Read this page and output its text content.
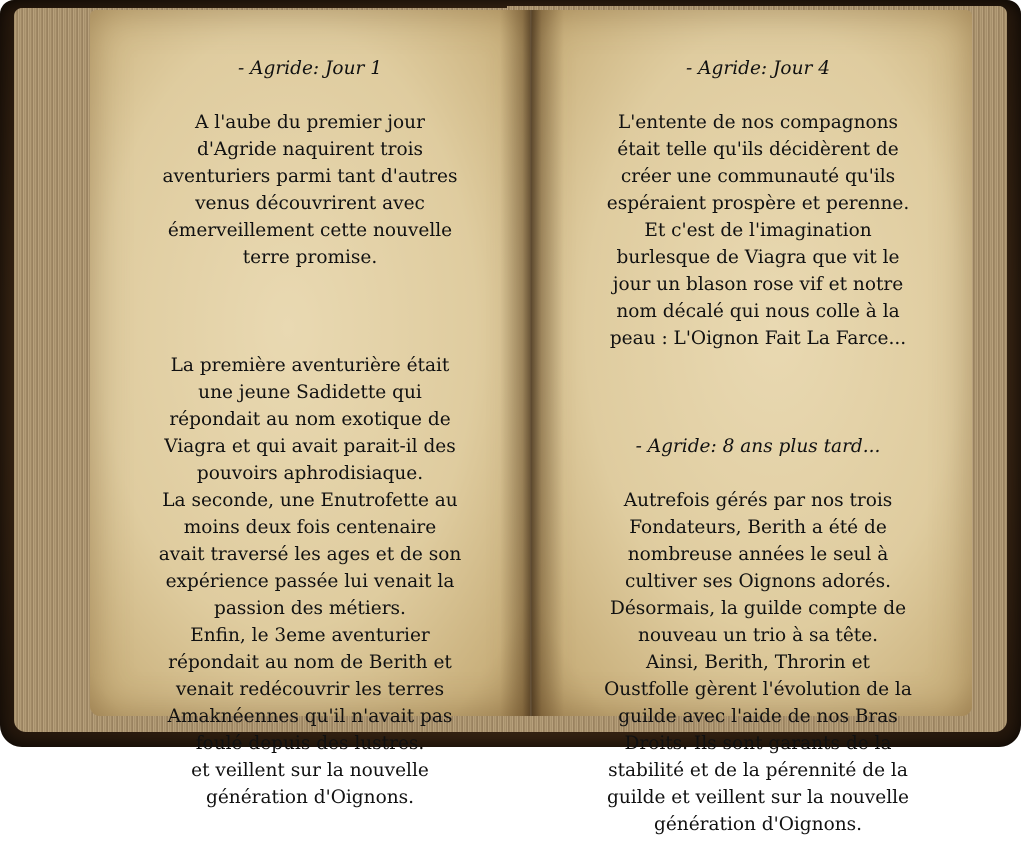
- Agride: Jour 1

A l'aube du premier jour
d'Agride naquirent trois
aventuriers parmi tant d'autres
venus découvrirent avec
émerveillement cette nouvelle
terre promise.

La première aventurière était
une jeune Sadidette qui
répondait au nom exotique de
Viagra et qui avait parait-il des
pouvoirs aphrodisiaque.
La seconde, une Enutrofette au
moins deux fois centenaire
avait traversé les ages et de son
expérience passée lui venait la
passion des métiers.
Enfin, le 3eme aventurier
répondait au nom de Berith et
venait redécouvrir les terres
Amaknéennes qu'il n'avait pas
foulé depuis des lustres.
et veillent sur la nouvelle
génération d'Oignons.

- Agride: Jour 4

L'entente de nos compagnons
était telle qu'ils décidèrent de
créer une communauté qu'ils
espéraient prospère et perenne.
Et c'est de l'imagination
burlesque de Viagra que vit le
jour un blason rose vif et notre
nom décalé qui nous colle à la
peau : L'Oignon Fait La Farce...

- Agride: 8 ans plus tard...

Autrefois gérés par nos trois
Fondateurs, Berith a été de
nombreuse années le seul à
cultiver ses Oignons adorés.
Désormais, la guilde compte de
nouveau un trio à sa tête.
Ainsi, Berith, Throrin et
Oustfolle gèrent l'évolution de la
guilde avec l'aide de nos Bras
Droits. Ils sont garants de la
stabilité et de la pérennité de la
guilde et veillent sur la nouvelle
génération d'Oignons.
